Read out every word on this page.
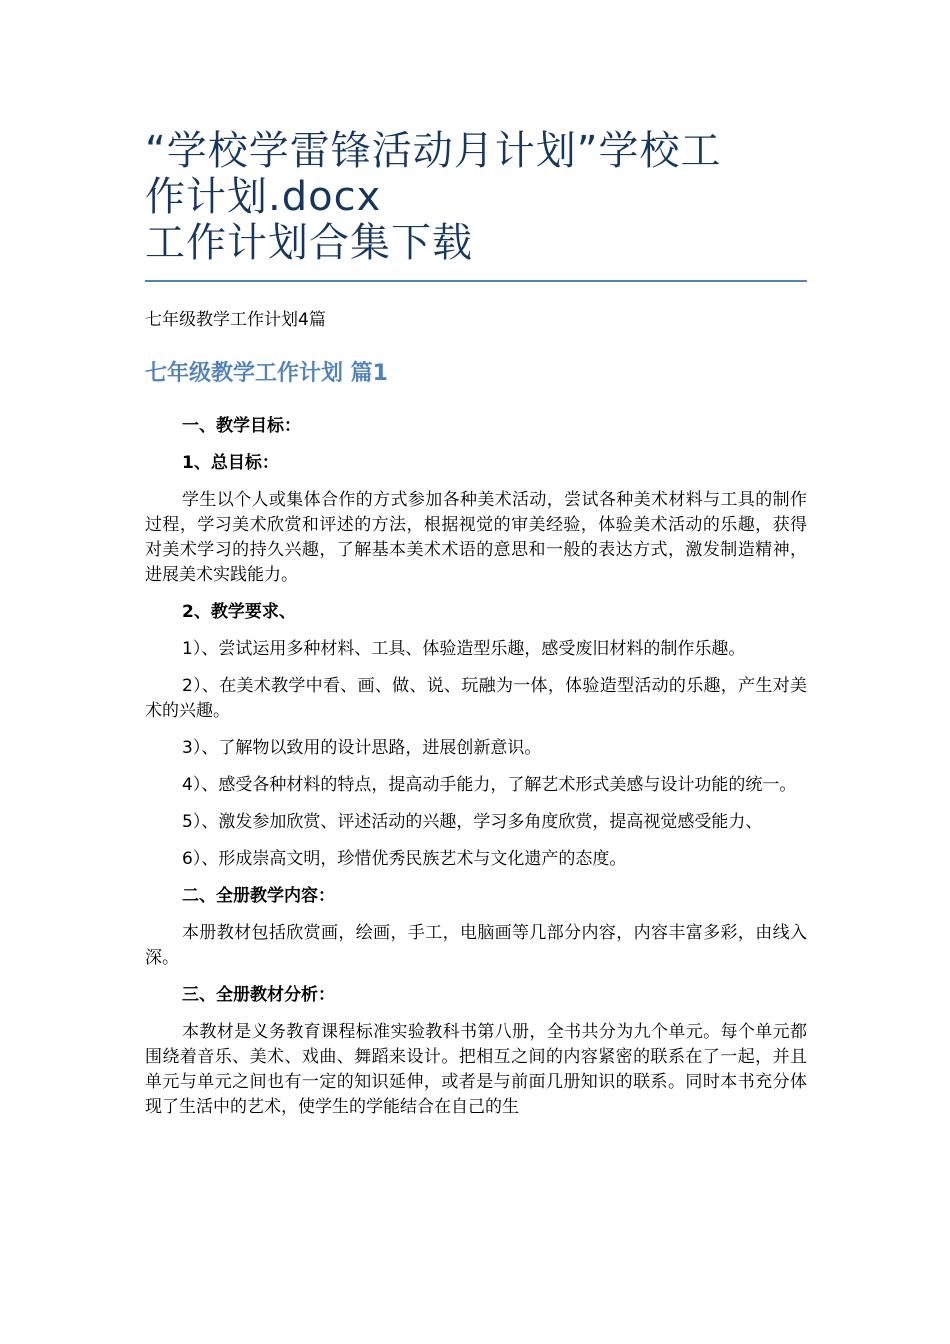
“学校学雷锋活动月计划”学校工
作计划.docx
工作计划合集下载
七年级教学工作计划4篇
七年级教学工作计划 篇1

一、教学目标：

1、总目标：

学生以个人或集体合作的方式参加各种美术活动，尝试各种美术材料与工具的制作过程，学习美术欣赏和评述的方法，根据视觉的审美经验，体验美术活动的乐趣，获得对美术学习的持久兴趣，了解基本美术术语的意思和一般的表达方式，激发制造精神，进展美术实践能力。

2、教学要求、

1）、尝试运用多种材料、工具、体验造型乐趣，感受废旧材料的制作乐趣。

2）、在美术教学中看、画、做、说、玩融为一体，体验造型活动的乐趣，产生对美术的兴趣。

3）、了解物以致用的设计思路，进展创新意识。

4）、感受各种材料的特点，提高动手能力，了解艺术形式美感与设计功能的统一。

5）、激发参加欣赏、评述活动的兴趣，学习多角度欣赏，提高视觉感受能力、

6）、形成崇高文明，珍惜优秀民族艺术与文化遗产的态度。

二、全册教学内容：

本册教材包括欣赏画，绘画，手工，电脑画等几部分内容，内容丰富多彩，由线入深。

三、全册教材分析：

本教材是义务教育课程标准实验教科书第八册，全书共分为九个单元。每个单元都围绕着音乐、美术、戏曲、舞蹈来设计。把相互之间的内容紧密的联系在了一起，并且单元与单元之间也有一定的知识延伸，或者是与前面几册知识的联系。同时本书充分体现了生活中的艺术，使学生的学能结合在自己的生
